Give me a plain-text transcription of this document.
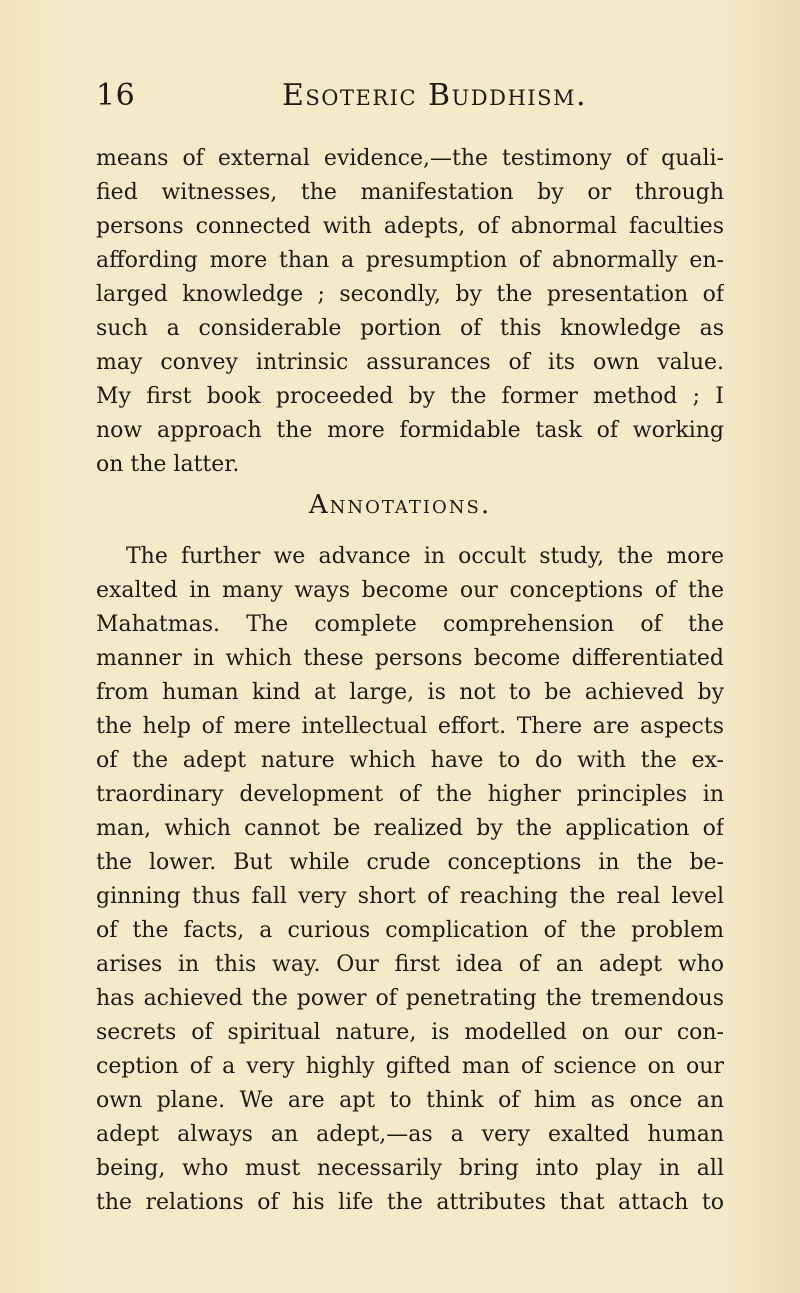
16	Esoteric Buddhism.
means of external evidence,—the testimony of quali-
fied witnesses, the manifestation by or through
persons connected with adepts, of abnormal faculties
affording more than a presumption of abnormally en-
larged knowledge ; secondly, by the presentation of
such a considerable portion of this knowledge as
may convey intrinsic assurances of its own value.
My first book proceeded by the former method ; I
now approach the more formidable task of working
on the latter.
Annotations.
The further we advance in occult study, the more
exalted in many ways become our conceptions of the
Mahatmas. The complete comprehension of the
manner in which these persons become differentiated
from human kind at large, is not to be achieved by
the help of mere intellectual effort. There are aspects
of the adept nature which have to do with the ex-
traordinary development of the higher principles in
man, which cannot be realized by the application of
the lower. But while crude conceptions in the be-
ginning thus fall very short of reaching the real level
of the facts, a curious complication of the problem
arises in this way. Our first idea of an adept who
has achieved the power of penetrating the tremendous
secrets of spiritual nature, is modelled on our con-
ception of a very highly gifted man of science on our
own plane. We are apt to think of him as once an
adept always an adept,—as a very exalted human
being, who must necessarily bring into play in all
the relations of his life the attributes that attach to
